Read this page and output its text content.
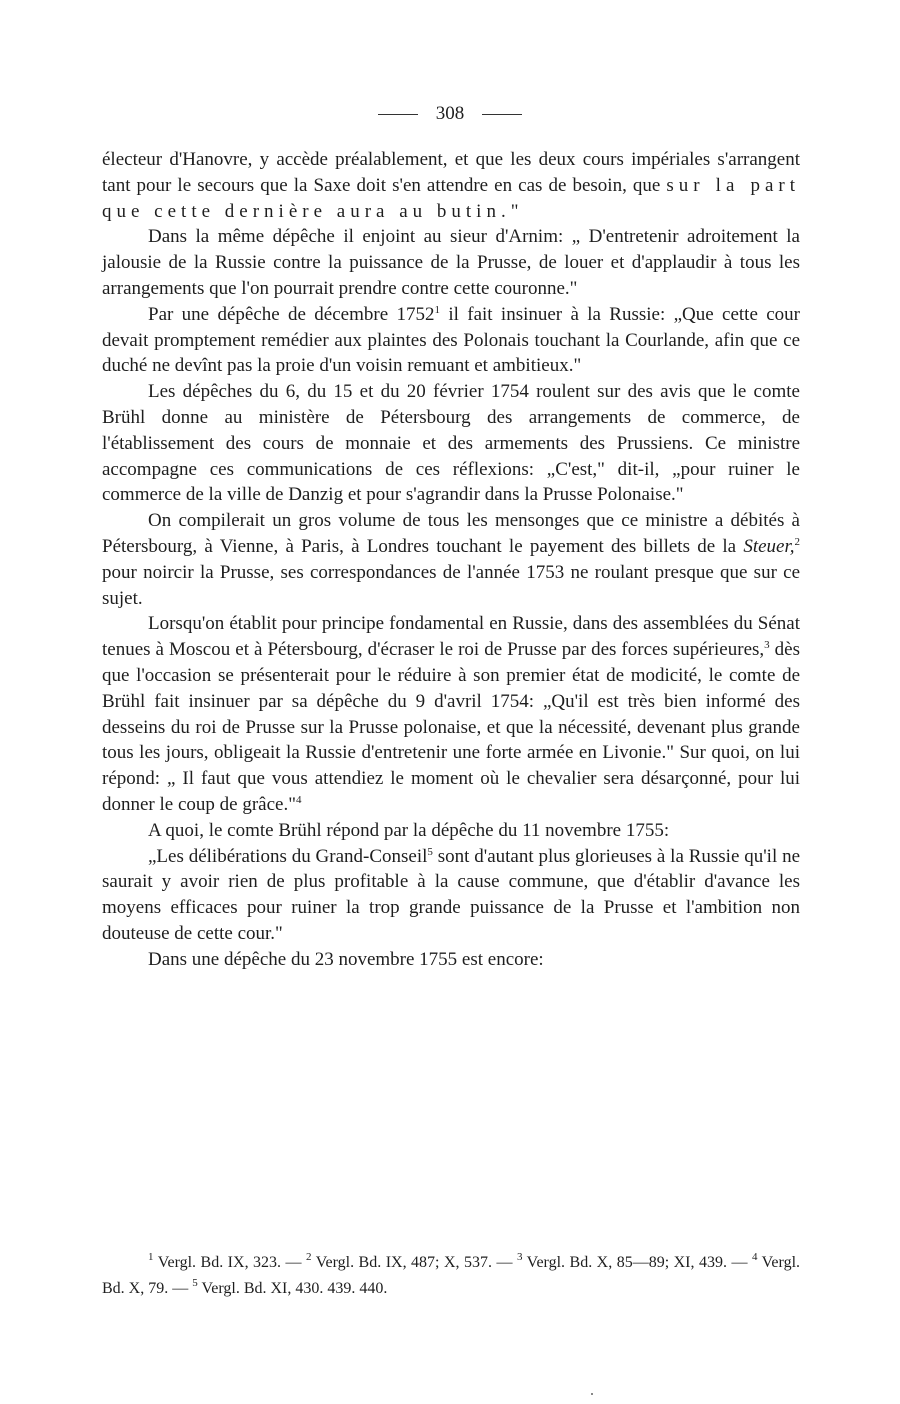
308

électeur d'Hanovre, y accède préalablement, et que les deux cours impériales s'arrangent tant pour le secours que la Saxe doit s'en attendre en cas de besoin, que sur la part que cette dernière aura au butin."

Dans la même dépêche il enjoint au sieur d'Arnim: „ D'entretenir adroitement la jalousie de la Russie contre la puissance de la Prusse, de louer et d'applaudir à tous les arrangements que l'on pourrait prendre contre cette couronne."

Par une dépêche de décembre 1752$^1$ il fait insinuer à la Russie: „Que cette cour devait promptement remédier aux plaintes des Polonais touchant la Courlande, afin que ce duché ne devînt pas la proie d'un voisin remuant et ambitieux."

Les dépêches du 6, du 15 et du 20 février 1754 roulent sur des avis que le comte Brühl donne au ministère de Pétersbourg des arrangements de commerce, de l'établissement des cours de monnaie et des armements des Prussiens. Ce ministre accompagne ces communications de ces réflexions: „C'est," dit-il, „pour ruiner le commerce de la ville de Danzig et pour s'agrandir dans la Prusse Polonaise."

On compilerait un gros volume de tous les mensonges que ce ministre a débités à Pétersbourg, à Vienne, à Paris, à Londres touchant le payement des billets de la Steuer,$^2$ pour noircir la Prusse, ses correspondances de l'année 1753 ne roulant presque que sur ce sujet.

Lorsqu'on établit pour principe fondamental en Russie, dans des assemblées du Sénat tenues à Moscou et à Pétersbourg, d'écraser le roi de Prusse par des forces supérieures,$^3$ dès que l'occasion se présenterait pour le réduire à son premier état de modicité, le comte de Brühl fait insinuer par sa dépêche du 9 d'avril 1754: „Qu'il est très bien informé des desseins du roi de Prusse sur la Prusse polonaise, et que la nécessité, devenant plus grande tous les jours, obligeait la Russie d'entretenir une forte armée en Livonie." Sur quoi, on lui répond: „ Il faut que vous attendiez le moment où le chevalier sera désarçonné, pour lui donner le coup de grâce."$^4$

A quoi, le comte Brühl répond par la dépêche du 11 novembre 1755:

„Les délibérations du Grand-Conseil$^5$ sont d'autant plus glorieuses à la Russie qu'il ne saurait y avoir rien de plus profitable à la cause commune, que d'établir d'avance les moyens efficaces pour ruiner la trop grande puissance de la Prusse et l'ambition non douteuse de cette cour."

Dans une dépêche du 23 novembre 1755 est encore:

$^1$ Vergl. Bd. IX, 323. — $^2$ Vergl. Bd. IX, 487; X, 537. — $^3$ Vergl. Bd. X, 85—89; XI, 439. — $^4$ Vergl. Bd. X, 79. — $^5$ Vergl. Bd. XI, 430. 439. 440.
